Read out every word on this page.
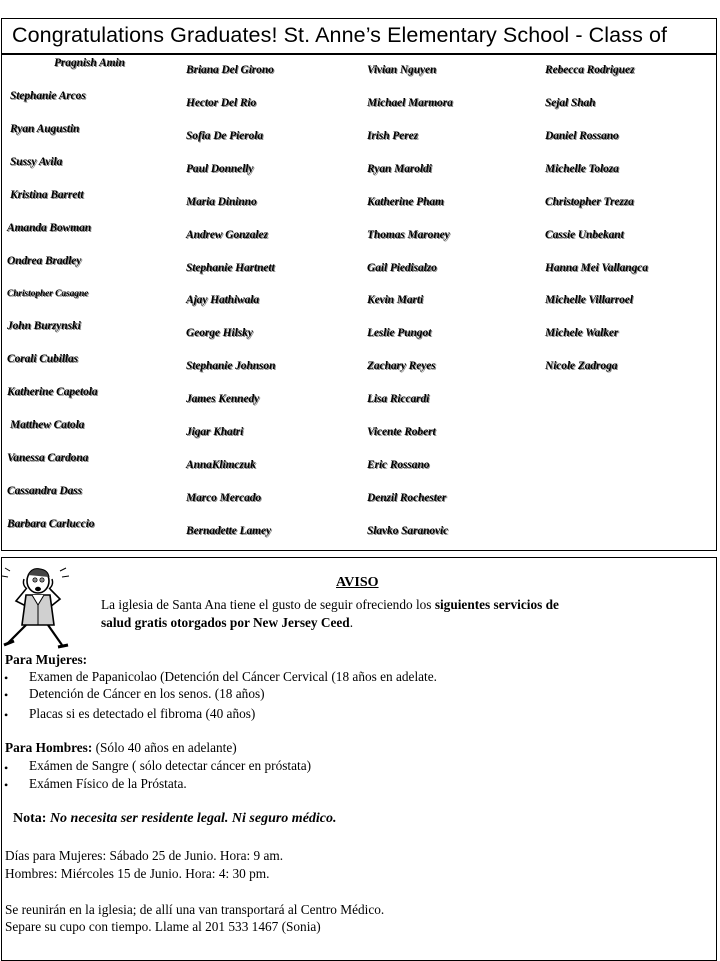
Congratulations Graduates! St. Anne’s Elementary School - Class of
Pragnish Amin
Stephanie Arcos
Ryan Augustin
Sussy Avila
Kristina Barrett
Amanda Bowman
Ondrea Bradley
Christopher Casagne
John Burzynski
Corali Cubillas
Katherine Capetola
Matthew Catola
Vanessa Cardona
Cassandra Dass
Barbara Carluccio
Briana Del Girono
Hector Del Rio
Sofia De Pierola
Paul Donnelly
Maria Dininno
Andrew Gonzalez
Stephanie Hartnett
Ajay Hathiwala
George Hilsky
Stephanie Johnson
James Kennedy
Jigar Khatri
AnnaKlimczuk
Marco Mercado
Bernadette Lamey
Vivian Nguyen
Michael Marmora
Irish Perez
Ryan Maroldi
Katherine Pham
Thomas Maroney
Gail Piedisalzo
Kevin Marti
Leslie Pungot
Zachary Reyes
Lisa Riccardi
Vicente Robert
Eric Rossano
Denzil Rochester
Slavko Saranovic
Rebecca Rodriguez
Sejal Shah
Daniel Rossano
Michelle Toloza
Christopher Trezza
Cassie Unbekant
Hanna Mei Vallangca
Michelle Villarroel
Michele Walker
Nicole Zadroga
AVISO
La iglesia de Santa Ana tiene el gusto de seguir ofreciendo los siguientes servicios de
salud gratis otorgados por New Jersey Ceed.
Para Mujeres:
• Examen de Papanicolao (Detención del Cáncer Cervical (18 años en adelate.
• Detención de Cáncer en los senos. (18 años)
• Placas si es detectado el fibroma (40 años)
Para Hombres: (Sólo 40 años en adelante)
• Exámen de Sangre ( sólo detectar cáncer en próstata)
• Exámen Físico de la Próstata.
Nota: No necesita ser residente legal. Ni seguro médico.
Días para Mujeres: Sábado 25 de Junio. Hora: 9 am.
Hombres: Miércoles 15 de Junio. Hora: 4: 30 pm.
Se reunirán en la iglesia; de allí una van transportará al Centro Médico.
Separe su cupo con tiempo. Llame al 201 533 1467 (Sonia)
